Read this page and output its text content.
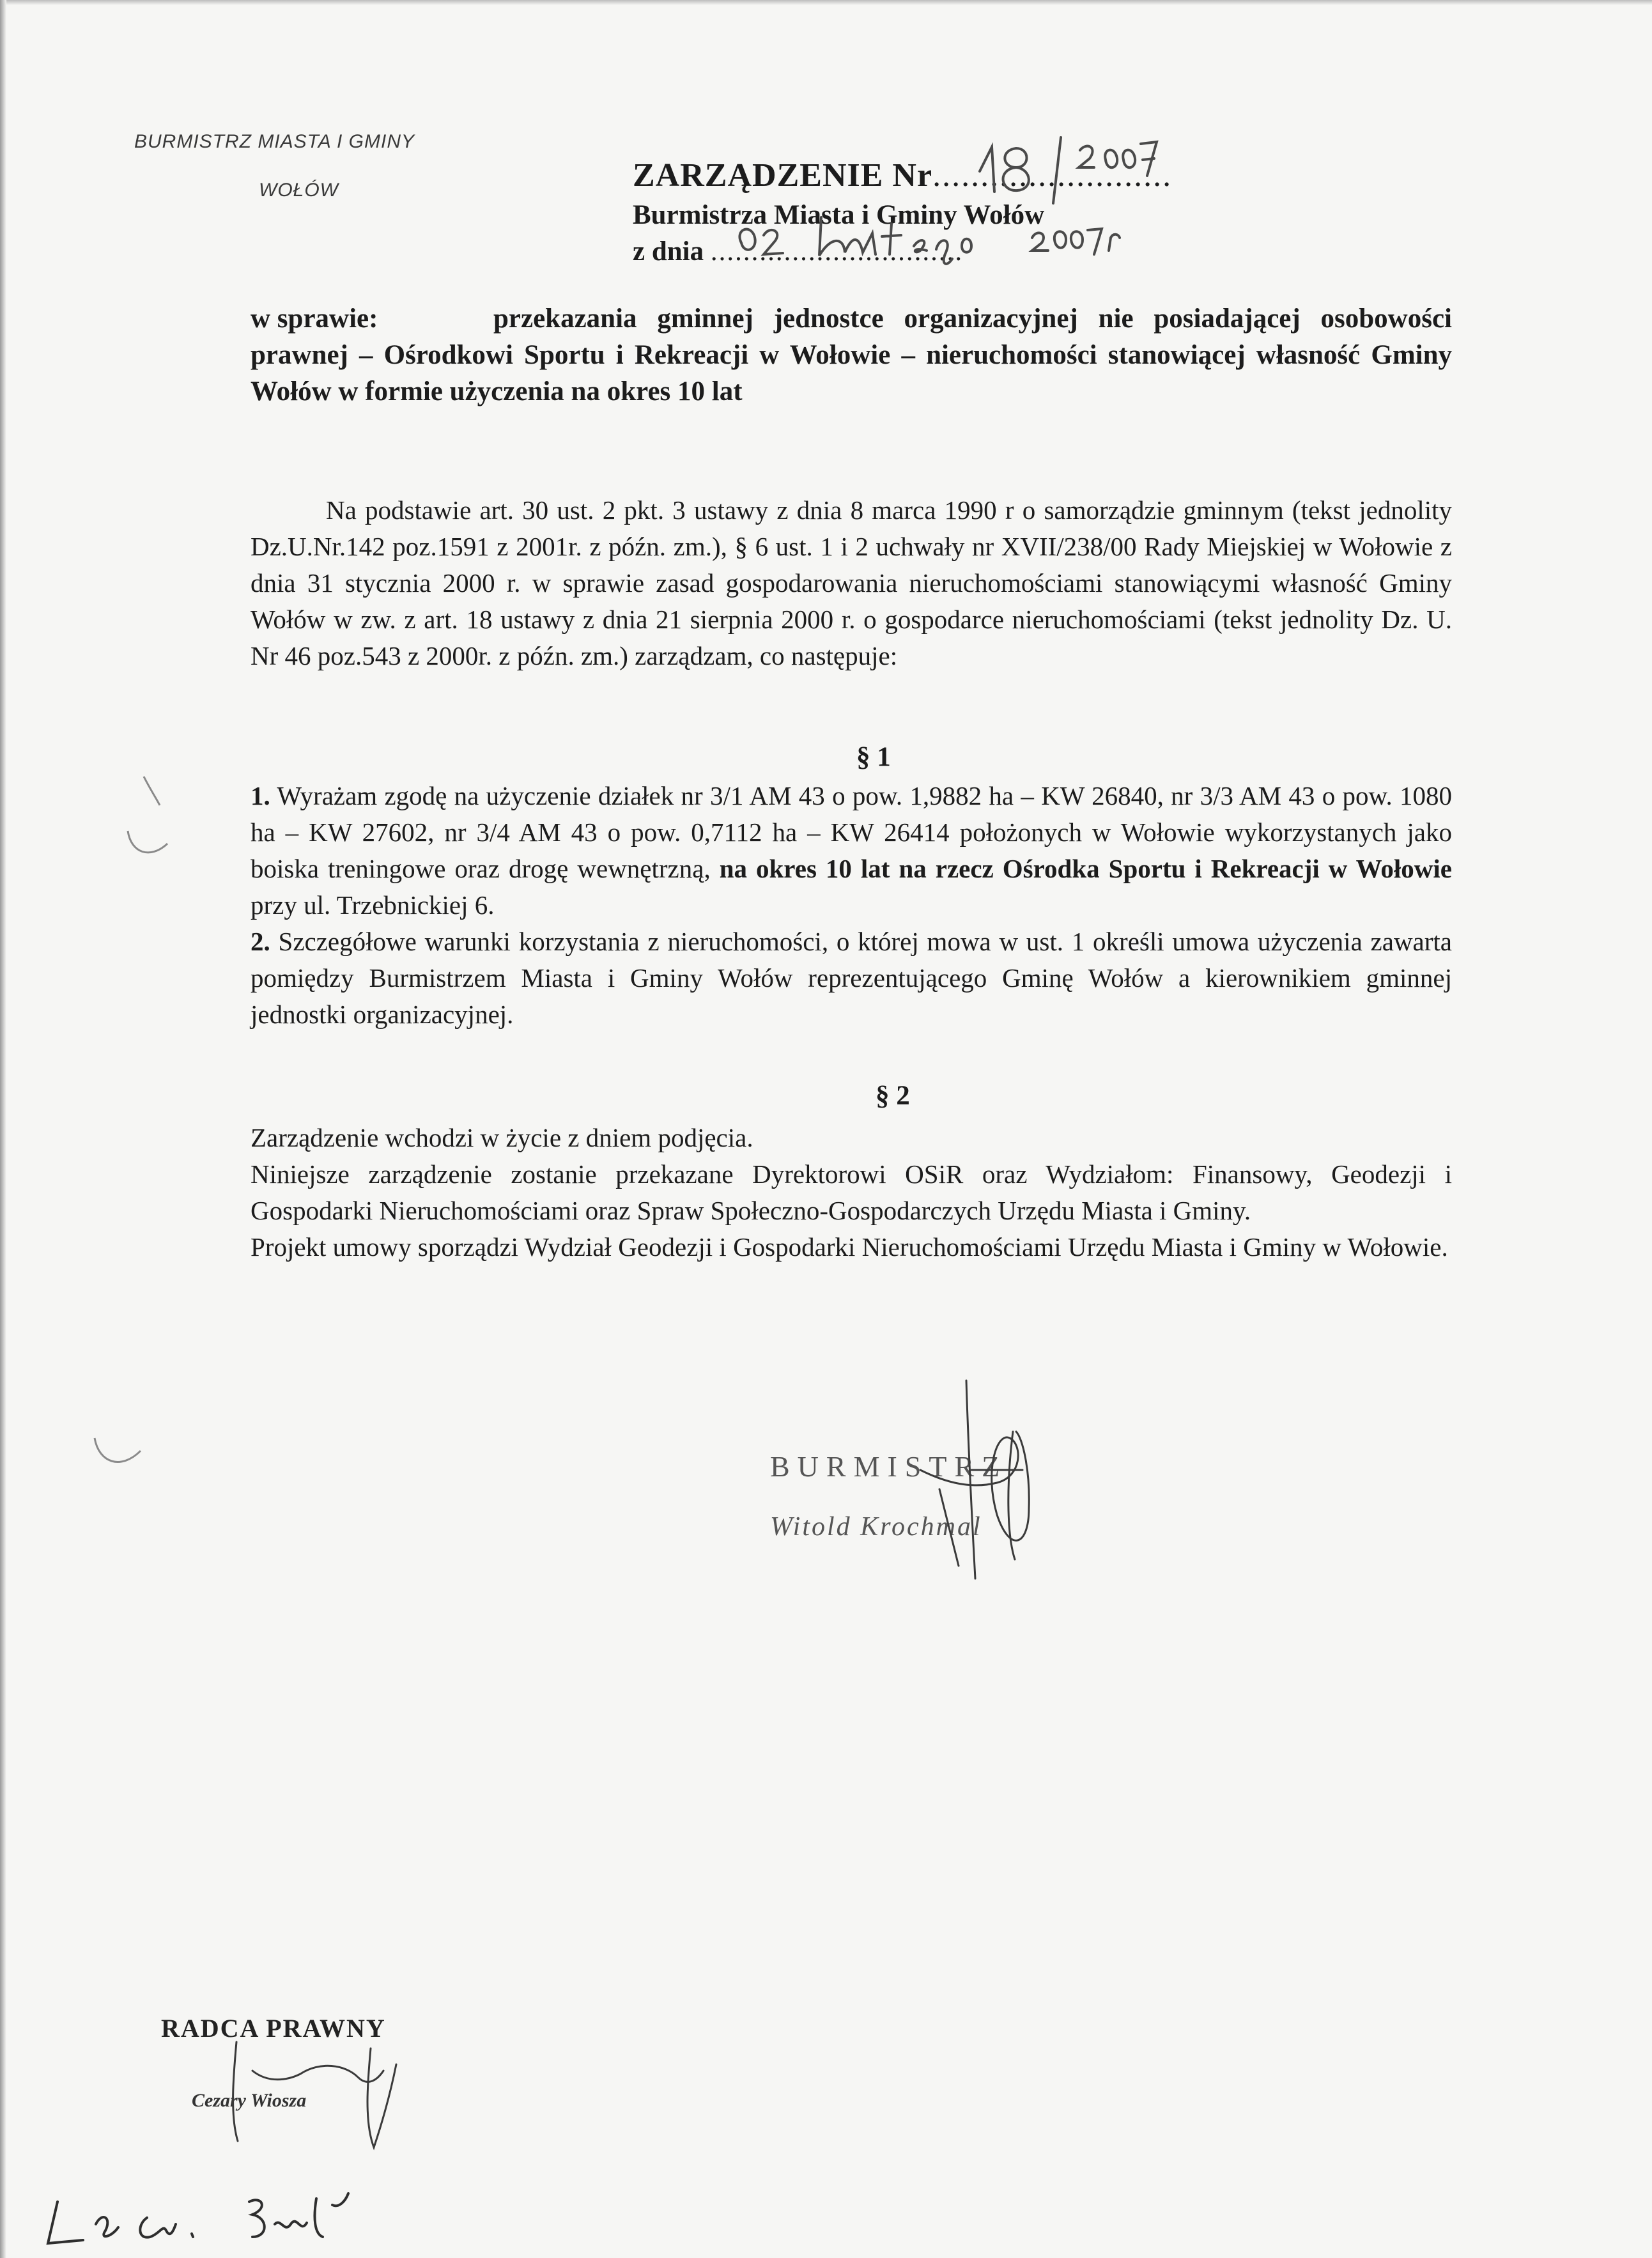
BURMISTRZ MIASTA I GMINY
WOŁÓW	ZARZĄDZENIE Nr.........................
Burmistrza Miasta i Gminy Wołów
z dnia ...............................
w sprawie:	przekazania gminnej jednostce organizacyjnej nie posiadającej osobowości prawnej – Ośrodkowi Sportu i Rekreacji w Wołowie – nieruchomości stanowiącej własność Gminy Wołów w formie użyczenia na okres 10 lat
Na podstawie art. 30 ust. 2 pkt. 3 ustawy z dnia 8 marca 1990 r o samorządzie gminnym (tekst jednolity Dz.U.Nr.142 poz.1591 z 2001r. z późn. zm.), § 6 ust. 1 i 2 uchwały nr XVII/238/00 Rady Miejskiej w Wołowie z dnia 31 stycznia 2000 r. w sprawie zasad gospodarowania nieruchomościami stanowiącymi własność Gminy Wołów w zw. z art. 18 ustawy z dnia 21 sierpnia 2000 r. o gospodarce nieruchomościami (tekst jednolity Dz. U. Nr 46 poz.543 z 2000r. z późn. zm.) zarządzam, co następuje:
§ 1

1. Wyrażam zgodę na użyczenie działek nr 3/1 AM 43 o pow. 1,9882 ha – KW 26840, nr 3/3 AM 43 o pow. 1080 ha – KW 27602, nr 3/4 AM 43 o pow. 0,7112 ha – KW 26414 położonych w Wołowie wykorzystanych jako boiska treningowe oraz drogę wewnętrzną, na okres 10 lat na rzecz Ośrodka Sportu i Rekreacji w Wołowie przy ul. Trzebnickiej 6.

2. Szczegółowe warunki korzystania z nieruchomości, o której mowa w ust. 1 określi umowa użyczenia zawarta pomiędzy Burmistrzem Miasta i Gminy Wołów reprezentującego Gminę Wołów a kierownikiem gminnej jednostki organizacyjnej.

§ 2

Zarządzenie wchodzi w życie z dniem podjęcia.

Niniejsze zarządzenie zostanie przekazane Dyrektorowi OSiR oraz Wydziałom: Finansowy, Geodezji i Gospodarki Nieruchomościami oraz Spraw Społeczno-Gospodarczych Urzędu Miasta i Gminy.

Projekt umowy sporządzi Wydział Geodezji i Gospodarki Nieruchomościami Urzędu Miasta i Gminy w Wołowie.

BURMISTRZ
Witold Krochmal
RADCA PRAWNY
Cezary Wiosza
